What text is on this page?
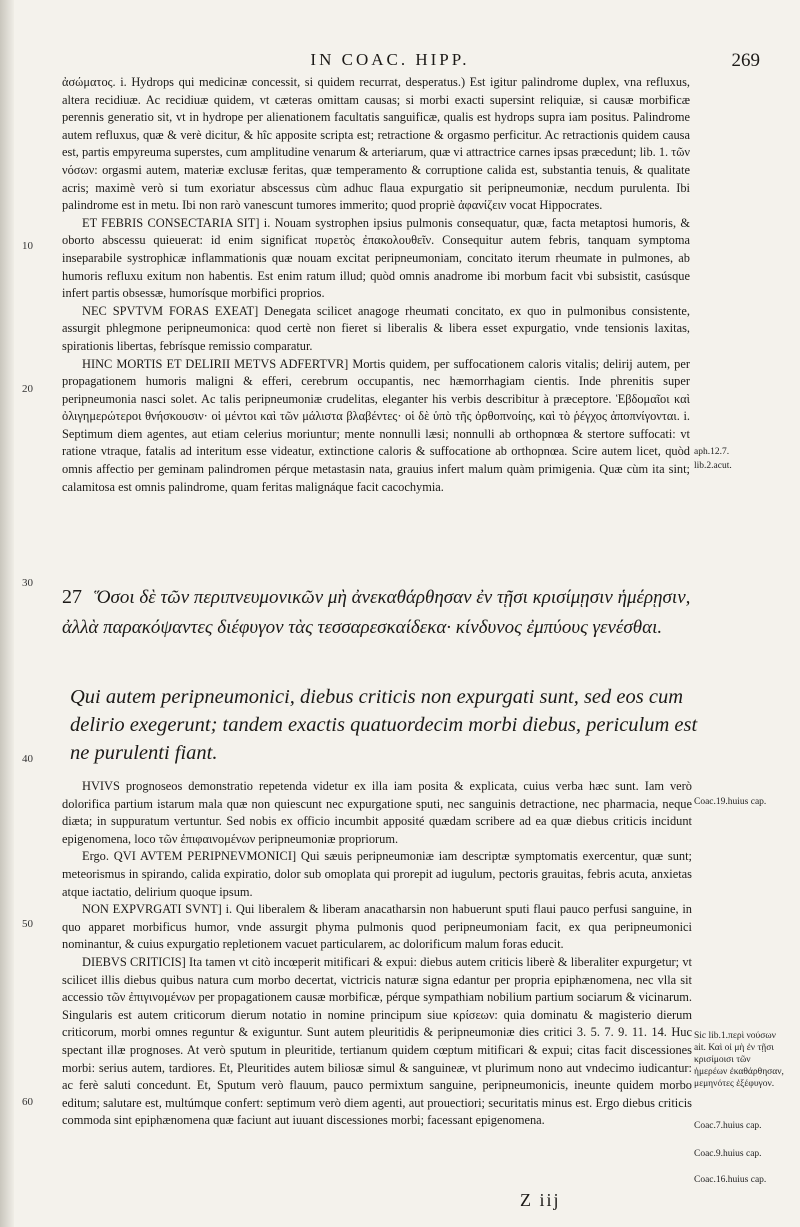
IN COAC. HIPP.	269

ἀσώματος. i. Hydrops qui medicinæ concessit, si quidem recurrat, desperatus.) Est igitur palindrome duplex, vna refluxus, altera recidiuæ. Ac recidiuæ quidem, vt cæteras omittam causas; si morbi exacti supersint reliquiæ, si causæ morbificæ perennis generatio sit, vt in hydrope per alienationem facultatis sanguificæ, qualis est hydrops supra iam positus. Palindrome autem refluxus, quæ & verè dicitur, & hîc apposite scripta est; retractione & orgasmo perficitur. Ac retractionis quidem causa est, partis empyreuma superstes, cum amplitudine venarum & arteriarum, quæ vi attractrice carnes ipsas præcedunt; lib. 1. τῶν νόσων: orgasmi autem, materiæ exclusæ feritas, quæ temperamento & corruptione calida est, substantia tenuis, & qualitate acris; maximè verò si tum exoriatur abscessus cùm adhuc flaua expurgatio sit peripneumoniæ, necdum purulenta. Ibi palindrome est in metu. Ibi non rarò vanescunt tumores immerito; quod propriè ἀφανίζειν vocat Hippocrates.

ET FEBRIS CONSECTARIA SIT] i. Nouam systrophen ipsius pulmonis consequatur, quæ, facta metaptosi humoris, & oborto abscessu quieuerat: id enim significat πυρετὸς ἐπακολουθεῖν. Consequitur autem febris, tanquam symptoma inseparabile systrophicæ inflammationis quæ nouam excitat peripneumoniam, concitato iterum rheumate in pulmones, ab humoris refluxu exitum non habentis. Est enim ratum illud; quòd omnis anadrome ibi morbum facit vbi subsistit, casúsque infert partis obsessæ, humorísque morbifici proprios.

NEC SPVTVM FORAS EXEAT] Denegata scilicet anagoge rheumati concitato, ex quo in pulmonibus consistente, assurgit phlegmone peripneumonica: quod certè non fieret si liberalis & libera esset expurgatio, vnde tensionis laxitas, spirationis libertas, febrísque remissio comparatur.

HINC MORTIS ET DELIRII METVS ADFERTVR] Mortis quidem, per suffocationem caloris vitalis; delirij autem, per propagationem humoris maligni & efferi, cerebrum occupantis, nec hæmorrhagiam cientis. Inde phrenitis super peripneumonia nasci solet. Ac talis peripneumoniæ crudelitas, eleganter his verbis describitur à præceptore. Ἑβδομαῖοι καὶ ὀλιγημερώτεροι θνήσκουσιν· οἱ μέντοι καὶ τῶν μάλιστα βλαβέντες· οἱ δὲ ὑπὸ τῆς ὀρθοπνοίης, καὶ τὸ ῥέγχος ἀποπνίγονται. i. Septimum diem agentes, aut etiam celerius moriuntur; mente nonnulli læsi; nonnulli ab orthopnœa & stertore suffocati: vt ratione vtraque, fatalis ad interitum esse videatur, extinctione caloris & suffocatione ab orthopnœa. Scire autem licet, quòd omnis affectio per geminam palindromen pérque metastasin nata, grauius infert malum quàm primigenia. Quæ cùm ita sint; calamitosa est omnis palindrome, quam feritas malignáque facit cacochymia.

10
20
30
40
50
60
aph.12.7.
lib.2.acut.
Coac.19.huius cap.
Sic lib.1.περὶ νούσων ait. Καὶ οἱ μὴ ἐν τῇσι κρισίμοισι τῶν ἡμερέων ἐκαθάρθησαν, μεμηνότες ἐξέφυγον.
Coac.7.huius cap.
Coac.9.huius cap.
Coac.16.huius cap.
27 Ὅσοι δὲ τῶν περιπνευμονικῶν μὴ ἀνεκαθάρθησαν ἐν τῇσι κρισίμῃσιν ἡμέρῃσιν, ἀλλὰ παρακόψαντες διέφυγον τὰς τεσσαρεσκαίδεκα· κίνδυνος ἐμπύους γενέσθαι.
Qui autem peripneumonici, diebus criticis non expurgati sunt, sed eos cum delirio exegerunt; tandem exactis quatuordecim morbi diebus, periculum est ne purulenti fiant.

HVIVS prognoseos demonstratio repetenda videtur ex illa iam posita & explicata, cuius verba hæc sunt. Iam verò dolorifica partium istarum mala quæ non quiescunt nec expurgatione sputi, nec sanguinis detractione, nec pharmacia, neque diæta; in suppuratum vertuntur. Sed nobis ex officio incumbit apposité quædam scribere ad ea quæ diebus criticis incidunt epigenomena, loco τῶν ἐπιφαινομένων peripneumoniæ propriorum.

Ergo. QVI AVTEM PERIPNEVMONICI] Qui sæuis peripneumoniæ iam descriptæ symptomatis exercentur, quæ sunt; meteorismus in spirando, calida expiratio, dolor sub omoplata qui prorepit ad iugulum, pectoris grauitas, febris acuta, anxietas atque iactatio, delirium quoque ipsum.

NON EXPVRGATI SVNT] i. Qui liberalem & liberam anacatharsin non habuerunt sputi flaui pauco perfusi sanguine, in quo apparet morbificus humor, vnde assurgit phyma pulmonis quod peripneumoniam facit, ex qua peripneumonici nominantur, & cuius expurgatio repletionem vacuet particularem, ac dolorificum malum foras educit.

DIEBVS CRITICIS] Ita tamen vt citò incœperit mitificari & expui: diebus autem criticis liberè & liberaliter expurgetur; vt scilicet illis diebus quibus natura cum morbo decertat, victricis naturæ signa edantur per propria epiphænomena, nec vlla sit accessio τῶν ἐπιγινομένων per propagationem causæ morbificæ, pérque sympathiam nobilium partium sociarum & vicinarum. Singularis est autem criticorum dierum notatio in nomine principum siue κρίσεων: quia dominatu & magisterio dierum criticorum, morbi omnes reguntur & exiguntur. Sunt autem pleuritidis & peripneumoniæ dies critici 3. 5. 7. 9. 11. 14. Huc spectant illæ prognoses. At verò sputum in pleuritide, tertianum quidem cœptum mitificari & expui; citas facit discessiones morbi: serius autem, tardiores. Et, Pleuritides autem biliosæ simul & sanguineæ, vt plurimum nono aut vndecimo iudicantur: ac ferè saluti concedunt. Et, Sputum verò flauum, pauco permixtum sanguine, peripneumonicis, ineunte quidem morbo editum; salutare est, multúmque confert: septimum verò diem agenti, aut prouectiori; securitatis minus est. Ergo diebus criticis commoda sint epiphænomena quæ faciunt aut iuuant discessiones morbi; facessant epigenomena.

Z iij
